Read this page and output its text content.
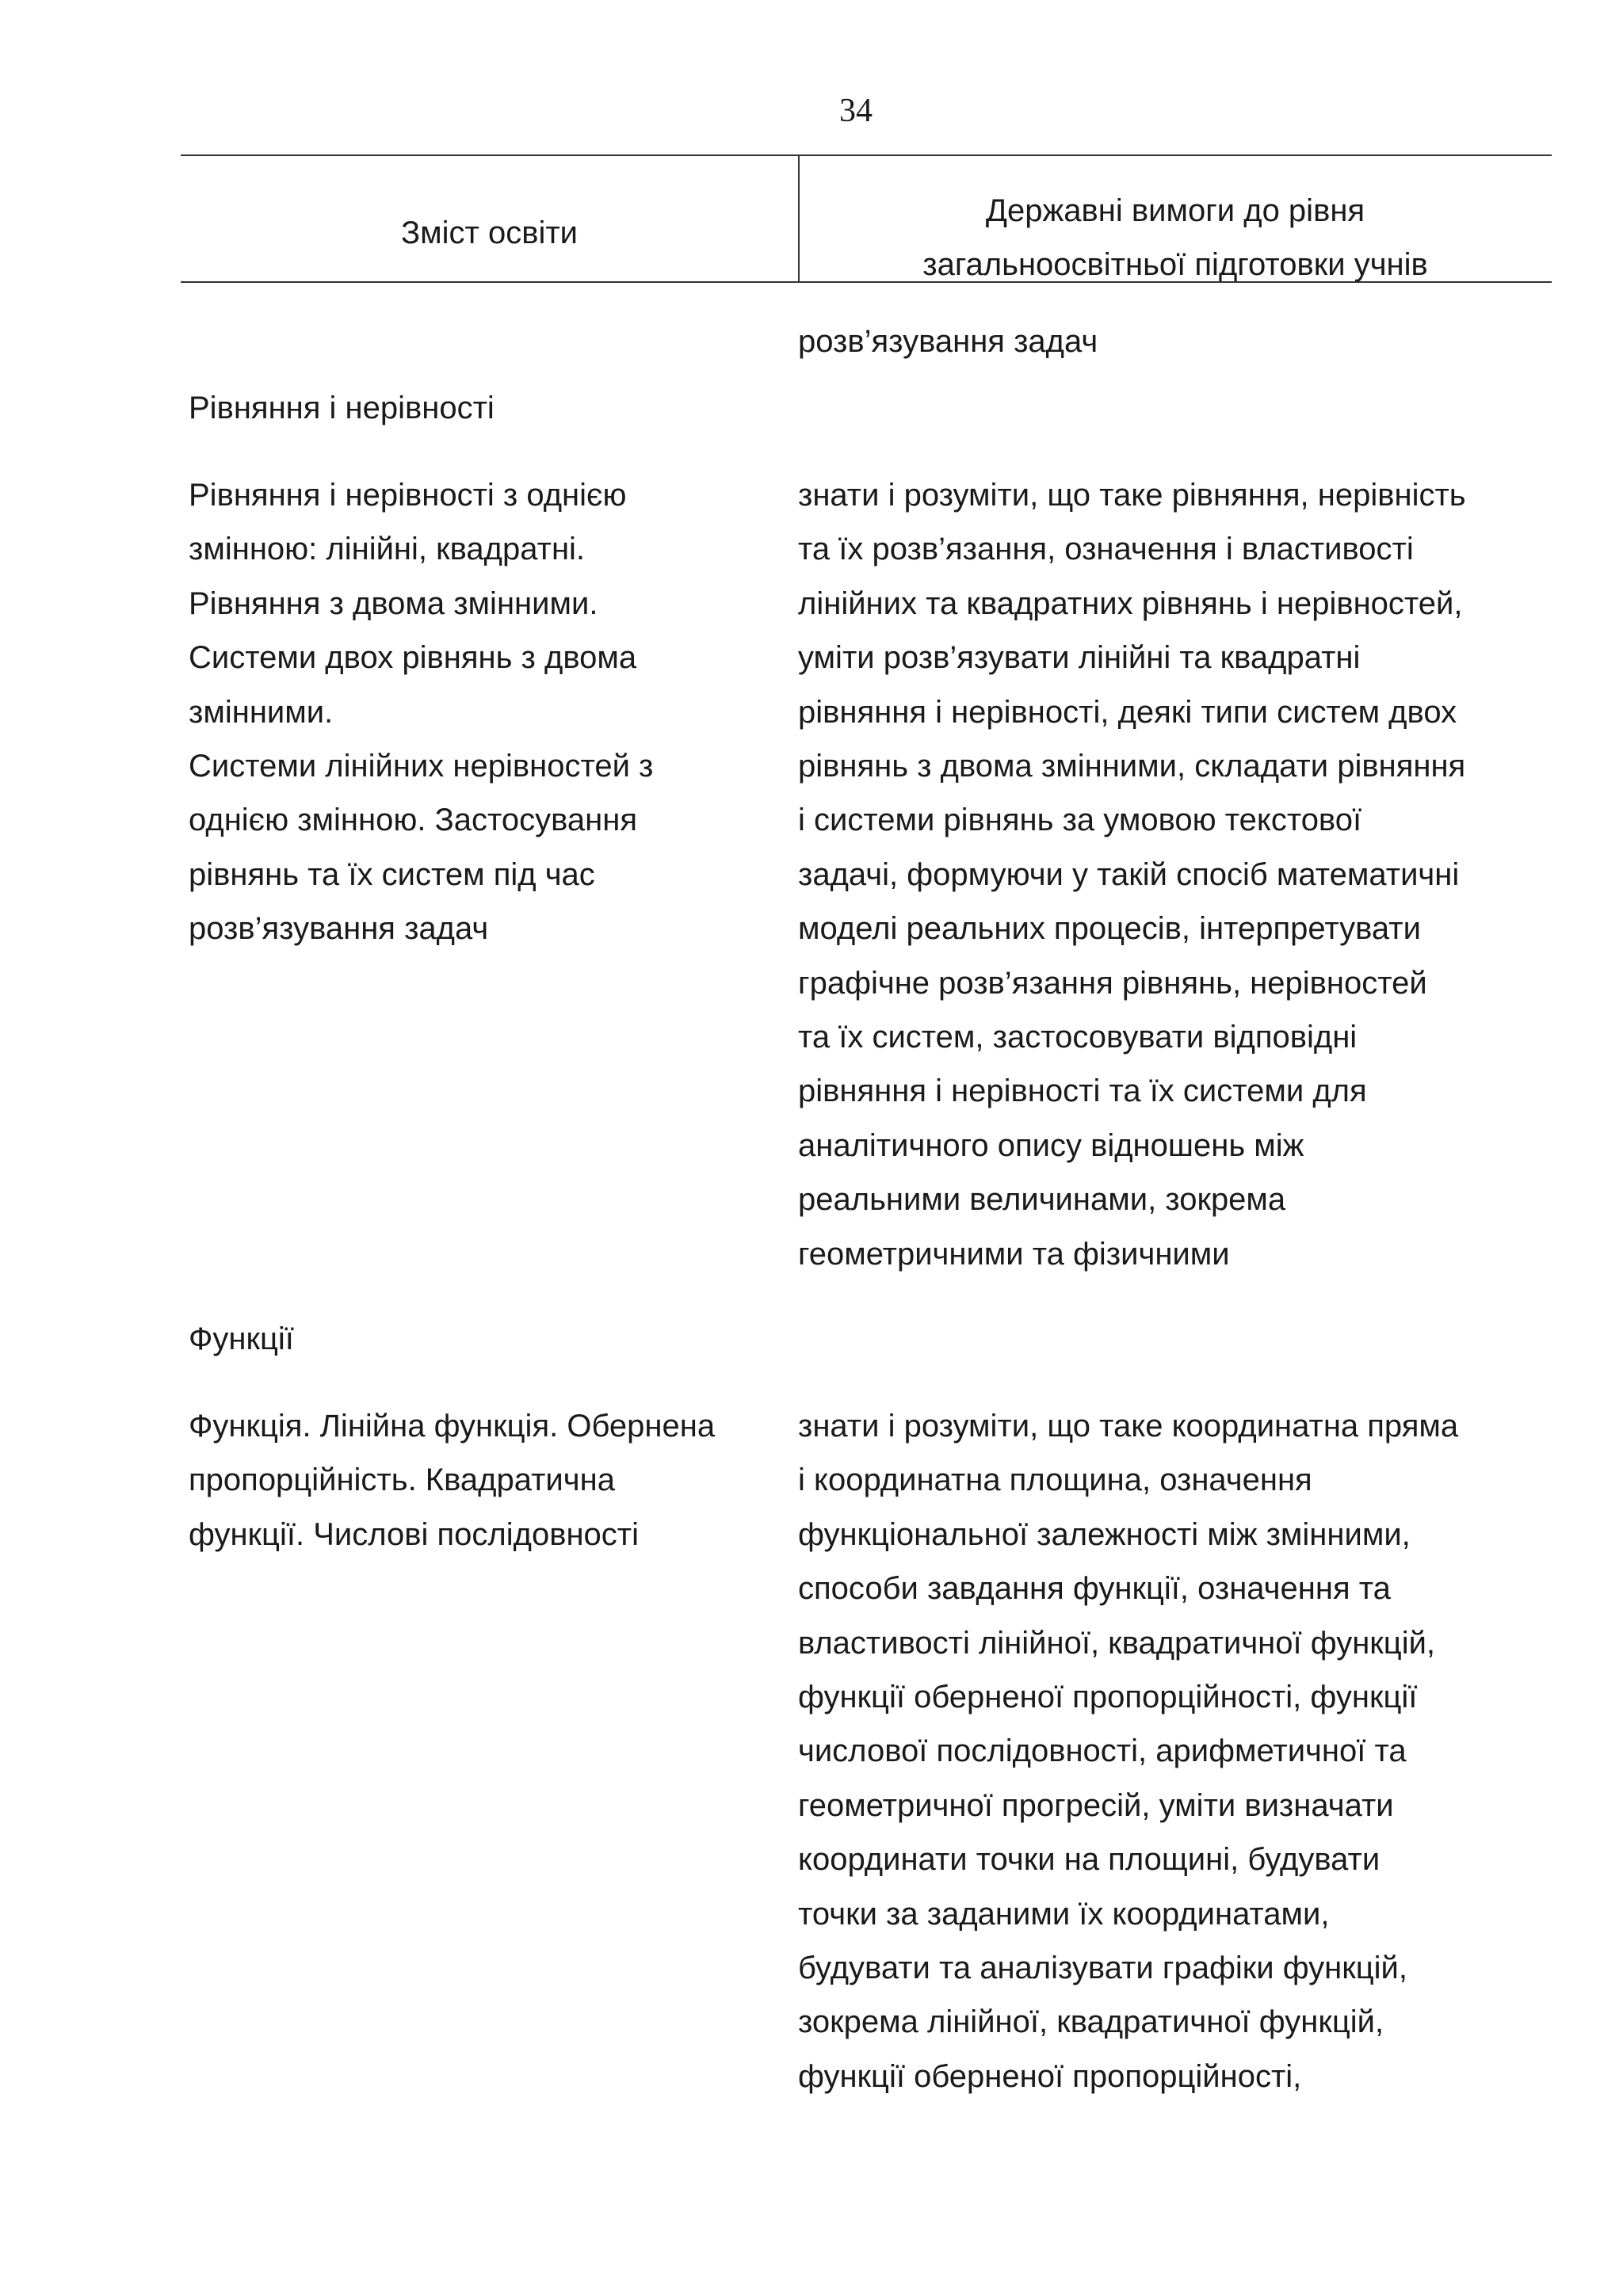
34
Зміст освіти
Державні вимоги до рівня
загальноосвітньої підготовки учнів
розв’язування задач
Рівняння і нерівності
Рівняння і нерівності з однією
змінною: лінійні, квадратні.
Рівняння з двома змінними.
Системи двох рівнянь з двома
змінними.
Системи лінійних нерівностей з
однією змінною. Застосування
рівнянь та їх систем під час
розв’язування задач
знати і розуміти, що таке рівняння, нерівність
та їх розв’язання, означення і властивості
лінійних та квадратних рівнянь і нерівностей,
уміти розв’язувати лінійні та квадратні
рівняння і нерівності, деякі типи систем двох
рівнянь з двома змінними, складати рівняння
і системи рівнянь за умовою текстової
задачі, формуючи у такій спосіб математичні
моделі реальних процесів, інтерпретувати
графічне розв’язання рівнянь, нерівностей
та їх систем, застосовувати відповідні
рівняння і нерівності та їх системи для
аналітичного опису відношень між
реальними величинами, зокрема
геометричними та фізичними
Функції
Функція. Лінійна функція. Обернена
пропорційність. Квадратична
функції. Числові послідовності
знати і розуміти, що таке координатна пряма
і координатна площина, означення
функціональної залежності між змінними,
способи завдання функції, означення та
властивості лінійної, квадратичної функцій,
функції оберненої пропорційності, функції
числової послідовності, арифметичної та
геометричної прогресій, уміти визначати
координати точки на площині, будувати
точки за заданими їх координатами,
будувати та аналізувати графіки функцій,
зокрема лінійної, квадратичної функцій,
функції оберненої пропорційності,
